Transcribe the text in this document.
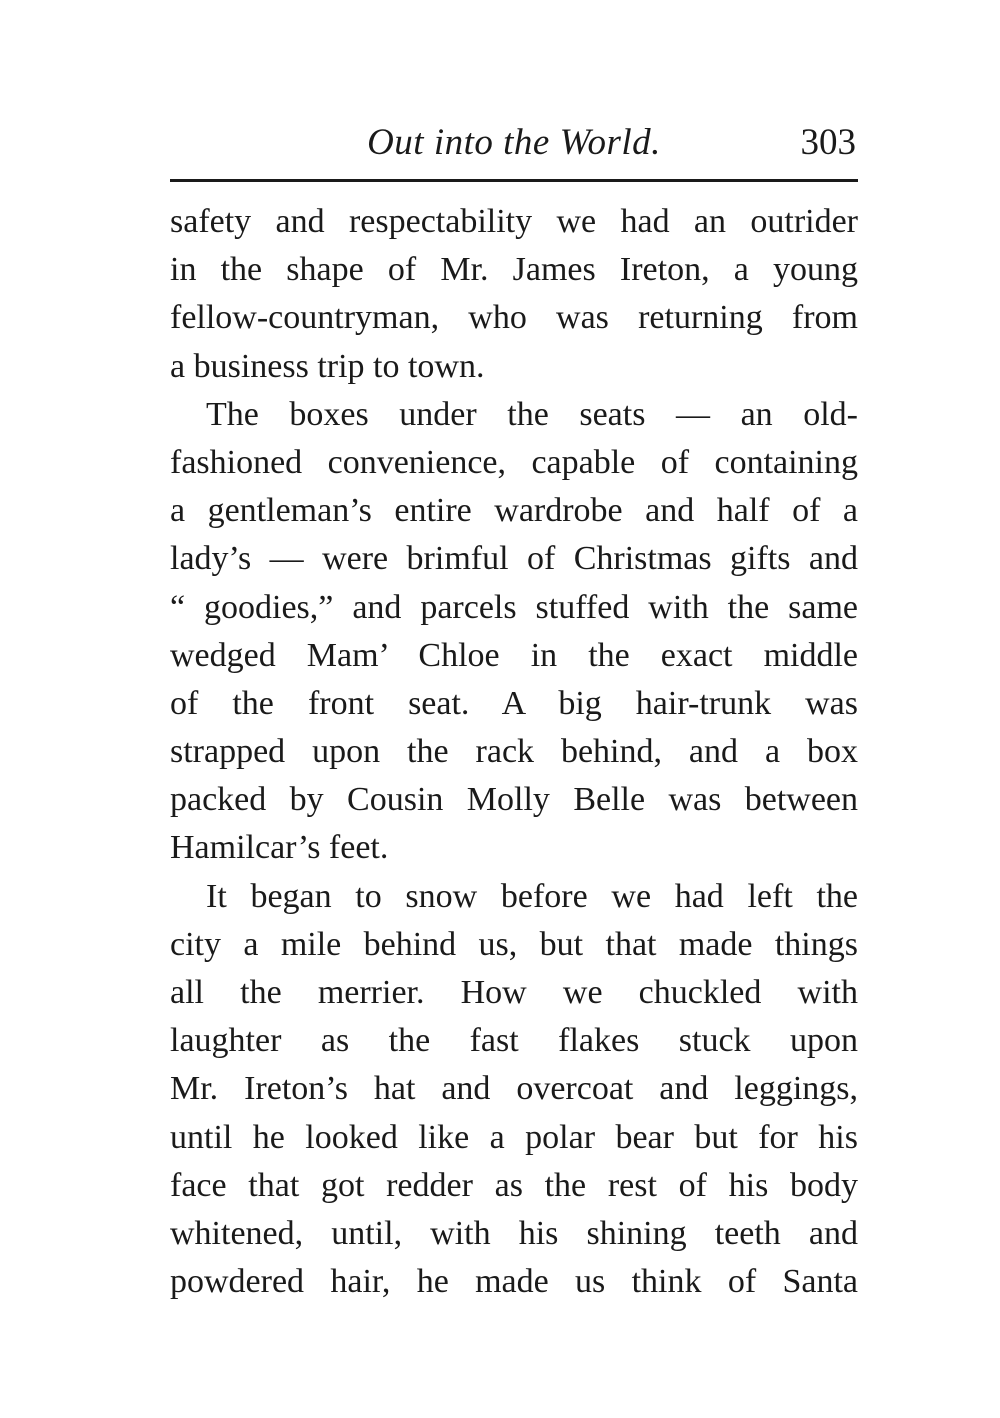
Out into the World.	303
safety and respectability we had an outrider
in the shape of Mr. James Ireton, a young
fellow-countryman, who was returning from
a business trip to town.
The boxes under the seats — an old-
fashioned convenience, capable of containing
a gentleman’s entire wardrobe and half of a
lady’s — were brimful of Christmas gifts and
“ goodies,” and parcels stuffed with the same
wedged Mam’ Chloe in the exact middle
of the front seat. A big hair-trunk was
strapped upon the rack behind, and a box
packed by Cousin Molly Belle was between
Hamilcar’s feet.
It began to snow before we had left the
city a mile behind us, but that made things
all the merrier. How we chuckled with
laughter as the fast flakes stuck upon
Mr. Ireton’s hat and overcoat and leggings,
until he looked like a polar bear but for his
face that got redder as the rest of his body
whitened, until, with his shining teeth and
powdered hair, he made us think of Santa
